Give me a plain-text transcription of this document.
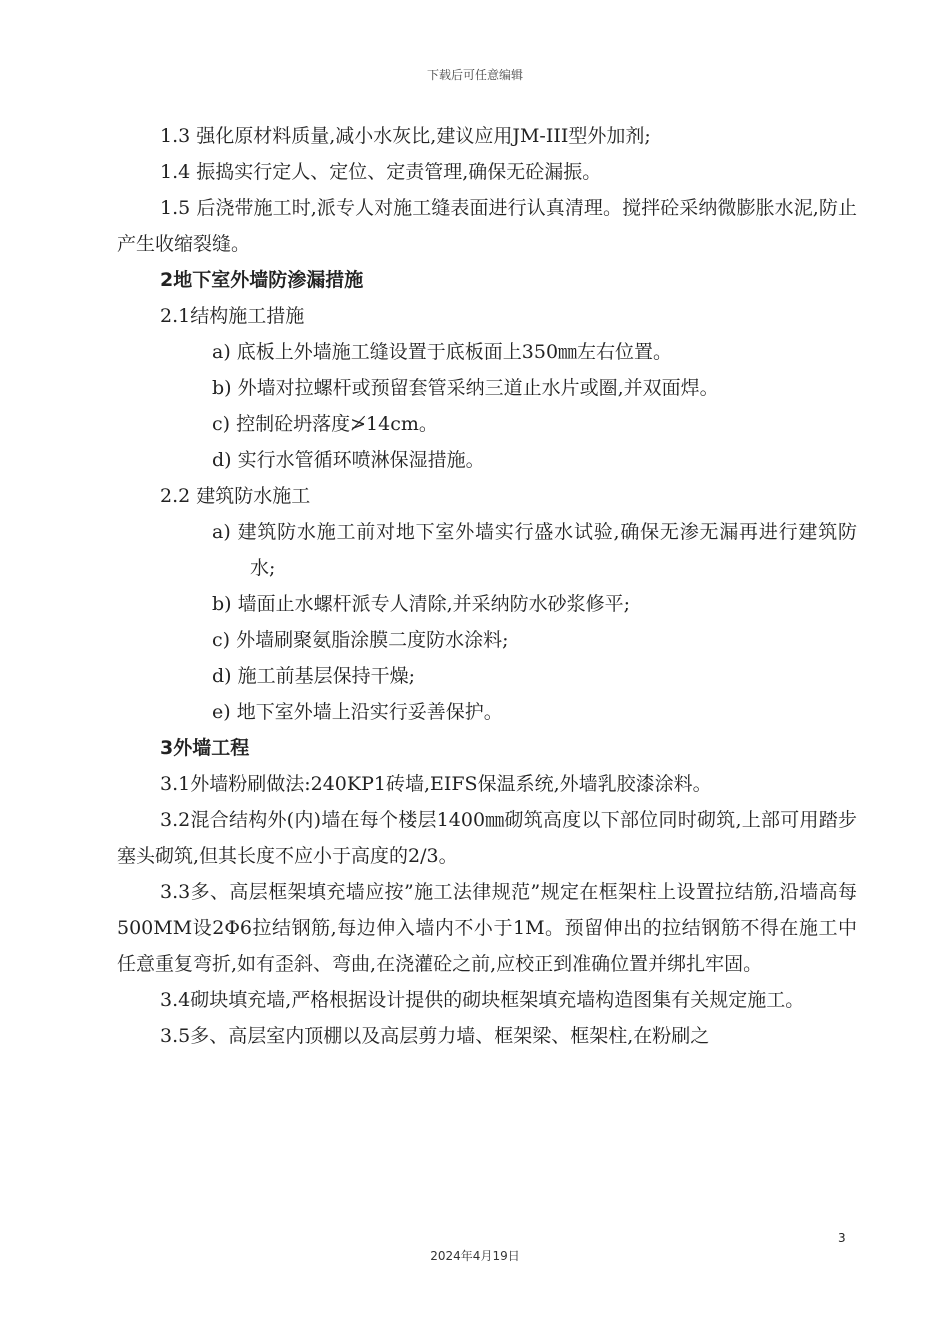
下载后可任意编辑
1.3 强化原材料质量,减小水灰比,建议应用JM-III型外加剂;
1.4 振捣实行定人、定位、定责管理,确保无砼漏振。
1.5 后浇带施工时,派专人对施工缝表面进行认真清理。搅拌砼采纳微膨胀水泥,防止产生收缩裂缝。
2地下室外墙防渗漏措施
2.1结构施工措施
a) 底板上外墙施工缝设置于底板面上350㎜左右位置。
b) 外墙对拉螺杆或预留套管采纳三道止水片或圈,并双面焊。
c) 控制砼坍落度≯14cm。
d) 实行水管循环喷淋保湿措施。
2.2 建筑防水施工
a) 建筑防水施工前对地下室外墙实行盛水试验,确保无渗无漏再进行建筑防水;
b) 墙面止水螺杆派专人清除,并采纳防水砂浆修平;
c) 外墙刷聚氨脂涂膜二度防水涂料;
d) 施工前基层保持干燥;
e) 地下室外墙上沿实行妥善保护。
3外墙工程
3.1外墙粉刷做法:240KP1砖墙,EIFS保温系统,外墙乳胶漆涂料。
3.2混合结构外(内)墙在每个楼层1400㎜砌筑高度以下部位同时砌筑,上部可用踏步塞头砌筑,但其长度不应小于高度的2/3。
3.3多、高层框架填充墙应按”施工法律规范”规定在框架柱上设置拉结筋,沿墙高每500MM设2Φ6拉结钢筋,每边伸入墙内不小于1M。预留伸出的拉结钢筋不得在施工中任意重复弯折,如有歪斜、弯曲,在浇灌砼之前,应校正到准确位置并绑扎牢固。
3.4砌块填充墙,严格根据设计提供的砌块框架填充墙构造图集有关规定施工。
3.5多、高层室内顶棚以及高层剪力墙、框架梁、框架柱,在粉刷之
3
2024年4月19日
